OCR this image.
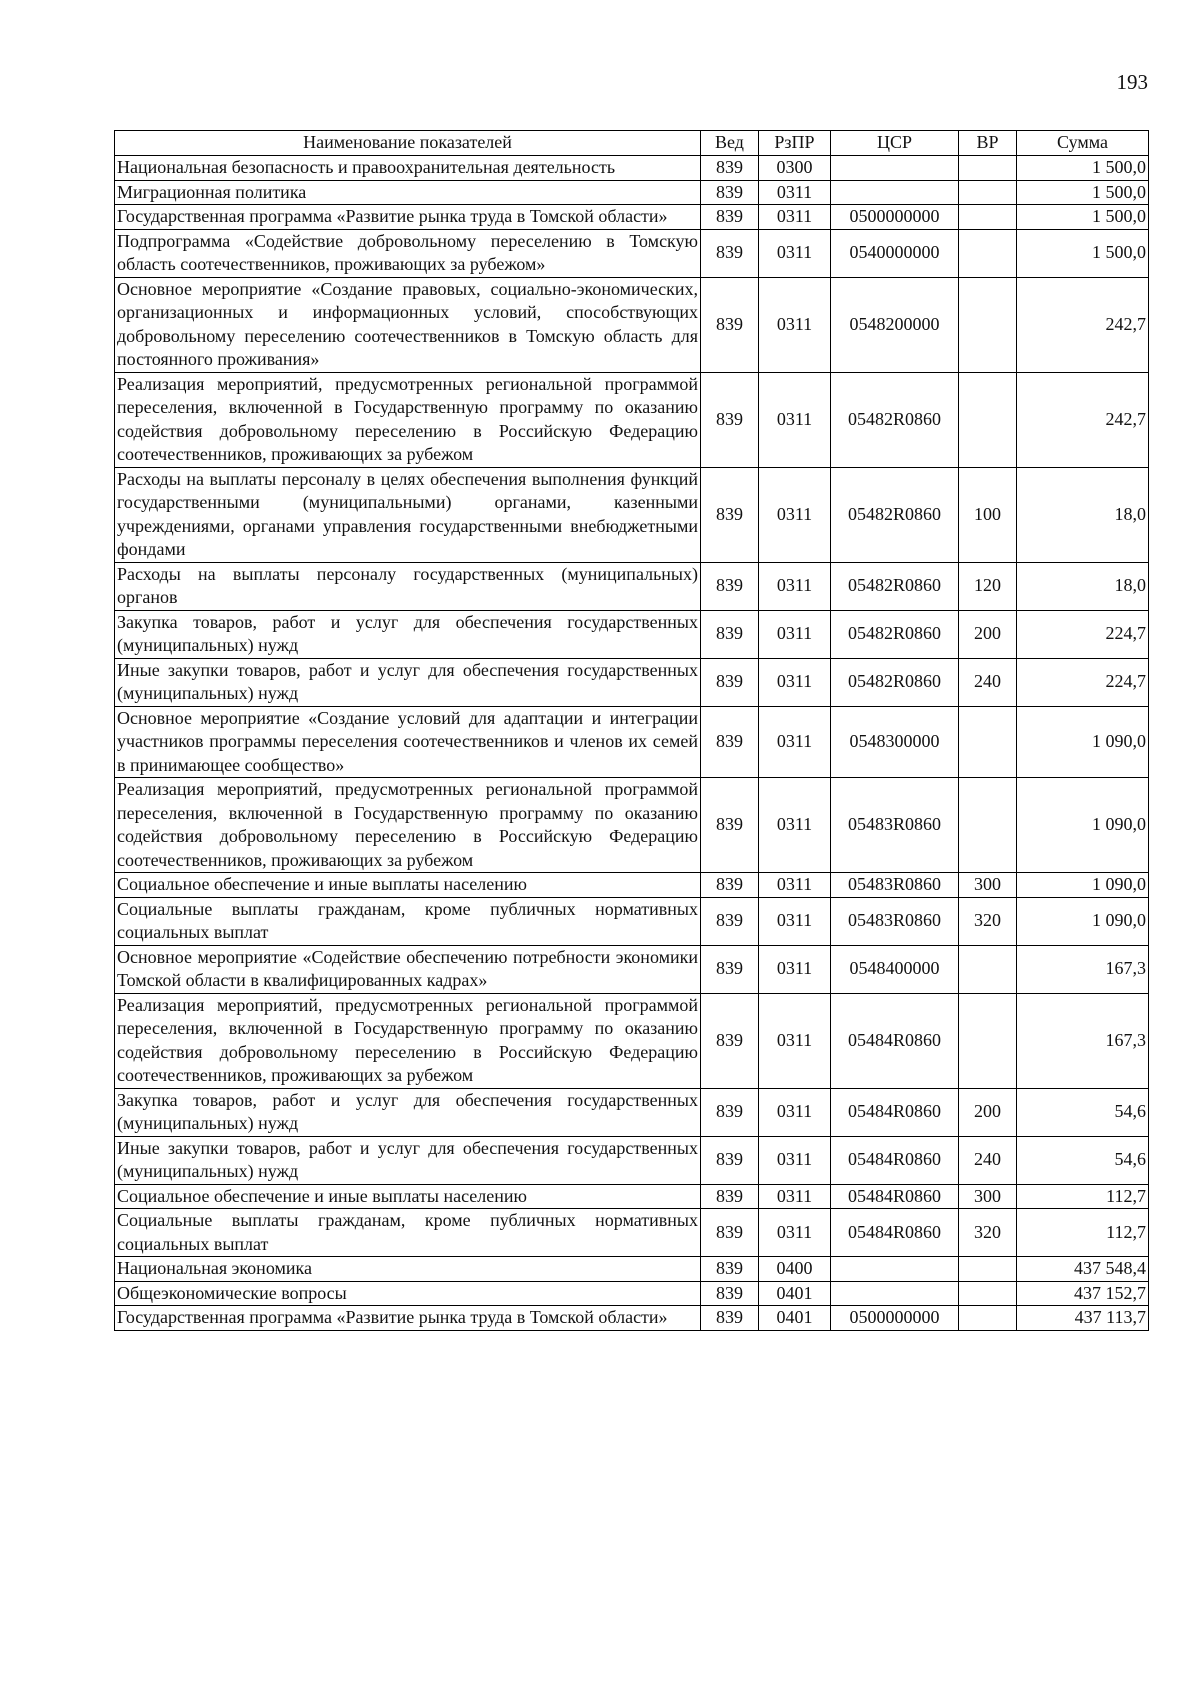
193
Наименование показателей	Вед	РзПР	ЦСР	ВР	Сумма
Национальная безопасность и правоохранительная деятельность	839	0300			1 500,0
Миграционная политика	839	0311			1 500,0
Государственная программа «Развитие рынка труда в Томской области»	839	0311	0500000000		1 500,0
Подпрограмма «Содействие добровольному переселению в Томскую область соотечественников, проживающих за рубежом»	839	0311	0540000000		1 500,0
Основное мероприятие «Создание правовых, социально-экономических, организационных и информационных условий, способствующих добровольному переселению соотечественников в Томскую область для постоянного проживания»	839	0311	0548200000		242,7
Реализация мероприятий, предусмотренных региональной программой переселения, включенной в Государственную программу по оказанию содействия добровольному переселению в Российскую Федерацию соотечественников, проживающих за рубежом	839	0311	05482R0860		242,7
Расходы на выплаты персоналу в целях обеспечения выполнения функций государственными (муниципальными) органами, казенными учреждениями, органами управления государственными внебюджетными фондами	839	0311	05482R0860	100	18,0
Расходы на выплаты персоналу государственных (муниципальных) органов	839	0311	05482R0860	120	18,0
Закупка товаров, работ и услуг для обеспечения государственных (муниципальных) нужд	839	0311	05482R0860	200	224,7
Иные закупки товаров, работ и услуг для обеспечения государственных (муниципальных) нужд	839	0311	05482R0860	240	224,7
Основное мероприятие «Создание условий для адаптации и интеграции участников программы переселения соотечественников и членов их семей в принимающее сообщество»	839	0311	0548300000		1 090,0
Реализация мероприятий, предусмотренных региональной программой переселения, включенной в Государственную программу по оказанию содействия добровольному переселению в Российскую Федерацию соотечественников, проживающих за рубежом	839	0311	05483R0860		1 090,0
Социальное обеспечение и иные выплаты населению	839	0311	05483R0860	300	1 090,0
Социальные выплаты гражданам, кроме публичных нормативных социальных выплат	839	0311	05483R0860	320	1 090,0
Основное мероприятие «Содействие обеспечению потребности экономики Томской области в квалифицированных кадрах»	839	0311	0548400000		167,3
Реализация мероприятий, предусмотренных региональной программой переселения, включенной в Государственную программу по оказанию содействия добровольному переселению в Российскую Федерацию соотечественников, проживающих за рубежом	839	0311	05484R0860		167,3
Закупка товаров, работ и услуг для обеспечения государственных (муниципальных) нужд	839	0311	05484R0860	200	54,6
Иные закупки товаров, работ и услуг для обеспечения государственных (муниципальных) нужд	839	0311	05484R0860	240	54,6
Социальное обеспечение и иные выплаты населению	839	0311	05484R0860	300	112,7
Социальные выплаты гражданам, кроме публичных нормативных социальных выплат	839	0311	05484R0860	320	112,7
Национальная экономика	839	0400			437 548,4
Общеэкономические вопросы	839	0401			437 152,7
Государственная программа «Развитие рынка труда в Томской области»	839	0401	0500000000		437 113,7
